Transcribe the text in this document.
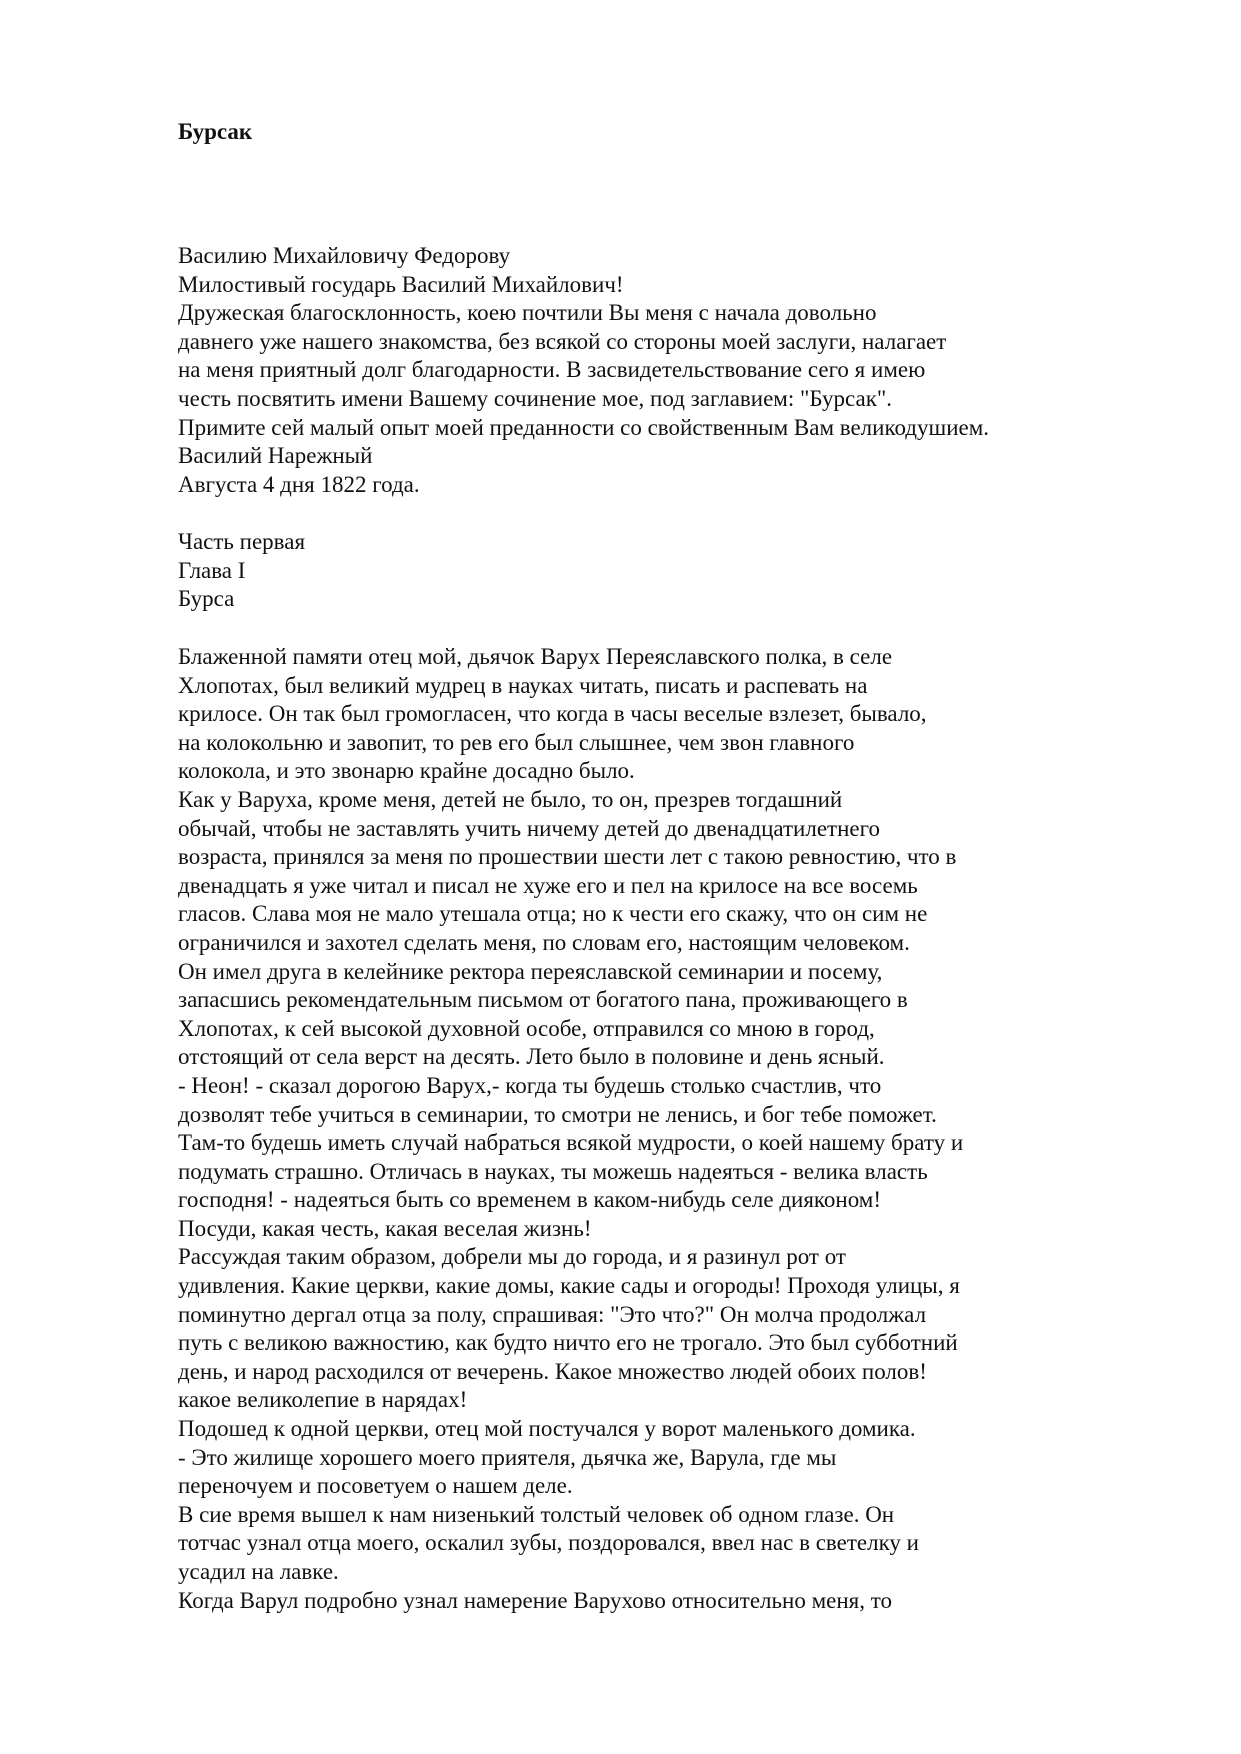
Бурсак
Василию Михайловичу Федорову
Милостивый государь Василий Михайлович!
Дружеская благосклонность, коею почтили Вы меня с начала довольно
давнего уже нашего знакомства, без всякой со стороны моей заслуги, налагает
на меня приятный долг благодарности. В засвидетельствование сего я имею
честь посвятить имени Вашему сочинение мое, под заглавием: "Бурсак".
Примите сей малый опыт моей преданности со свойственным Вам великодушием.
Василий Нарежный
Августа 4 дня 1822 года.
Часть первая
Глава I
Бурса
Блаженной памяти отец мой, дьячок Варух Переяславского полка, в селе
Хлопотах, был великий мудрец в науках читать, писать и распевать на
крилосе. Он так был громогласен, что когда в часы веселые взлезет, бывало,
на колокольню и завопит, то рев его был слышнее, чем звон главного
колокола, и это звонарю крайне досадно было.
Как у Варуха, кроме меня, детей не было, то он, презрев тогдашний
обычай, чтобы не заставлять учить ничему детей до двенадцатилетнего
возраста, принялся за меня по прошествии шести лет с такою ревностию, что в
двенадцать я уже читал и писал не хуже его и пел на крилосе на все восемь
гласов. Слава моя не мало утешала отца; но к чести его скажу, что он сим не
ограничился и захотел сделать меня, по словам его, настоящим человеком.
Он имел друга в келейнике ректора переяславской семинарии и посему,
запасшись рекомендательным письмом от богатого пана, проживающего в
Хлопотах, к сей высокой духовной особе, отправился со мною в город,
отстоящий от села верст на десять. Лето было в половине и день ясный.
- Неон! - сказал дорогою Варух,- когда ты будешь столько счастлив, что
дозволят тебе учиться в семинарии, то смотри не ленись, и бог тебе поможет.
Там-то будешь иметь случай набраться всякой мудрости, о коей нашему брату и
подумать страшно. Отличась в науках, ты можешь надеяться - велика власть
господня! - надеяться быть со временем в каком-нибудь селе дияконом!
Посуди, какая честь, какая веселая жизнь!
Рассуждая таким образом, добрели мы до города, и я разинул рот от
удивления. Какие церкви, какие домы, какие сады и огороды! Проходя улицы, я
поминутно дергал отца за полу, спрашивая: "Это что?" Он молча продолжал
путь с великою важностию, как будто ничто его не трогало. Это был субботний
день, и народ расходился от вечерень. Какое множество людей обоих полов!
какое великолепие в нарядах!
Подошед к одной церкви, отец мой постучался у ворот маленького домика.
- Это жилище хорошего моего приятеля, дьячка же, Варула, где мы
переночуем и посоветуем о нашем деле.
В сие время вышел к нам низенький толстый человек об одном глазе. Он
тотчас узнал отца моего, оскалил зубы, поздоровался, ввел нас в светелку и
усадил на лавке.
Когда Варул подробно узнал намерение Варухово относительно меня, то
